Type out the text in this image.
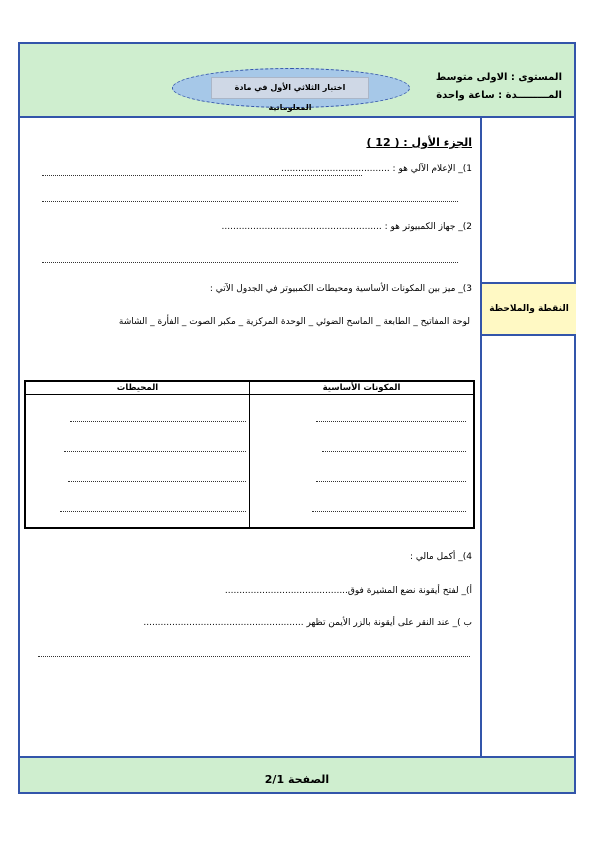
اختبار الثلاثي الأول في مادة المعلوماتية
المستوى : الاولى متوسط
المـــــــــدة : ساعة واحدة
النقطة والملاحظة
الجزء الأول : ( 12 )
1)_ الإعلام الآلي هو : ......................................
2)_ جهاز الكمبيوتر هو : ........................................................
3)_ ميز بين المكونات الأساسية ومحيطات الكمبيوتر في الجدول الآتي :
لوحة المفاتيح _ الطابعة _ الماسح الضوئي _ الوحدة المركزية _ مكبر الصوت _ الفأرة _ الشاشة
المحيطات	المكونات الأساسية

4)_ أكمل مالي :
أ)_ لفتح أيقونة نضع المشيرة فوق...........................................
ب )_ عند النقر على أيقونة بالزر الأيمن تظهر ........................................................
الصفحة 2/1
